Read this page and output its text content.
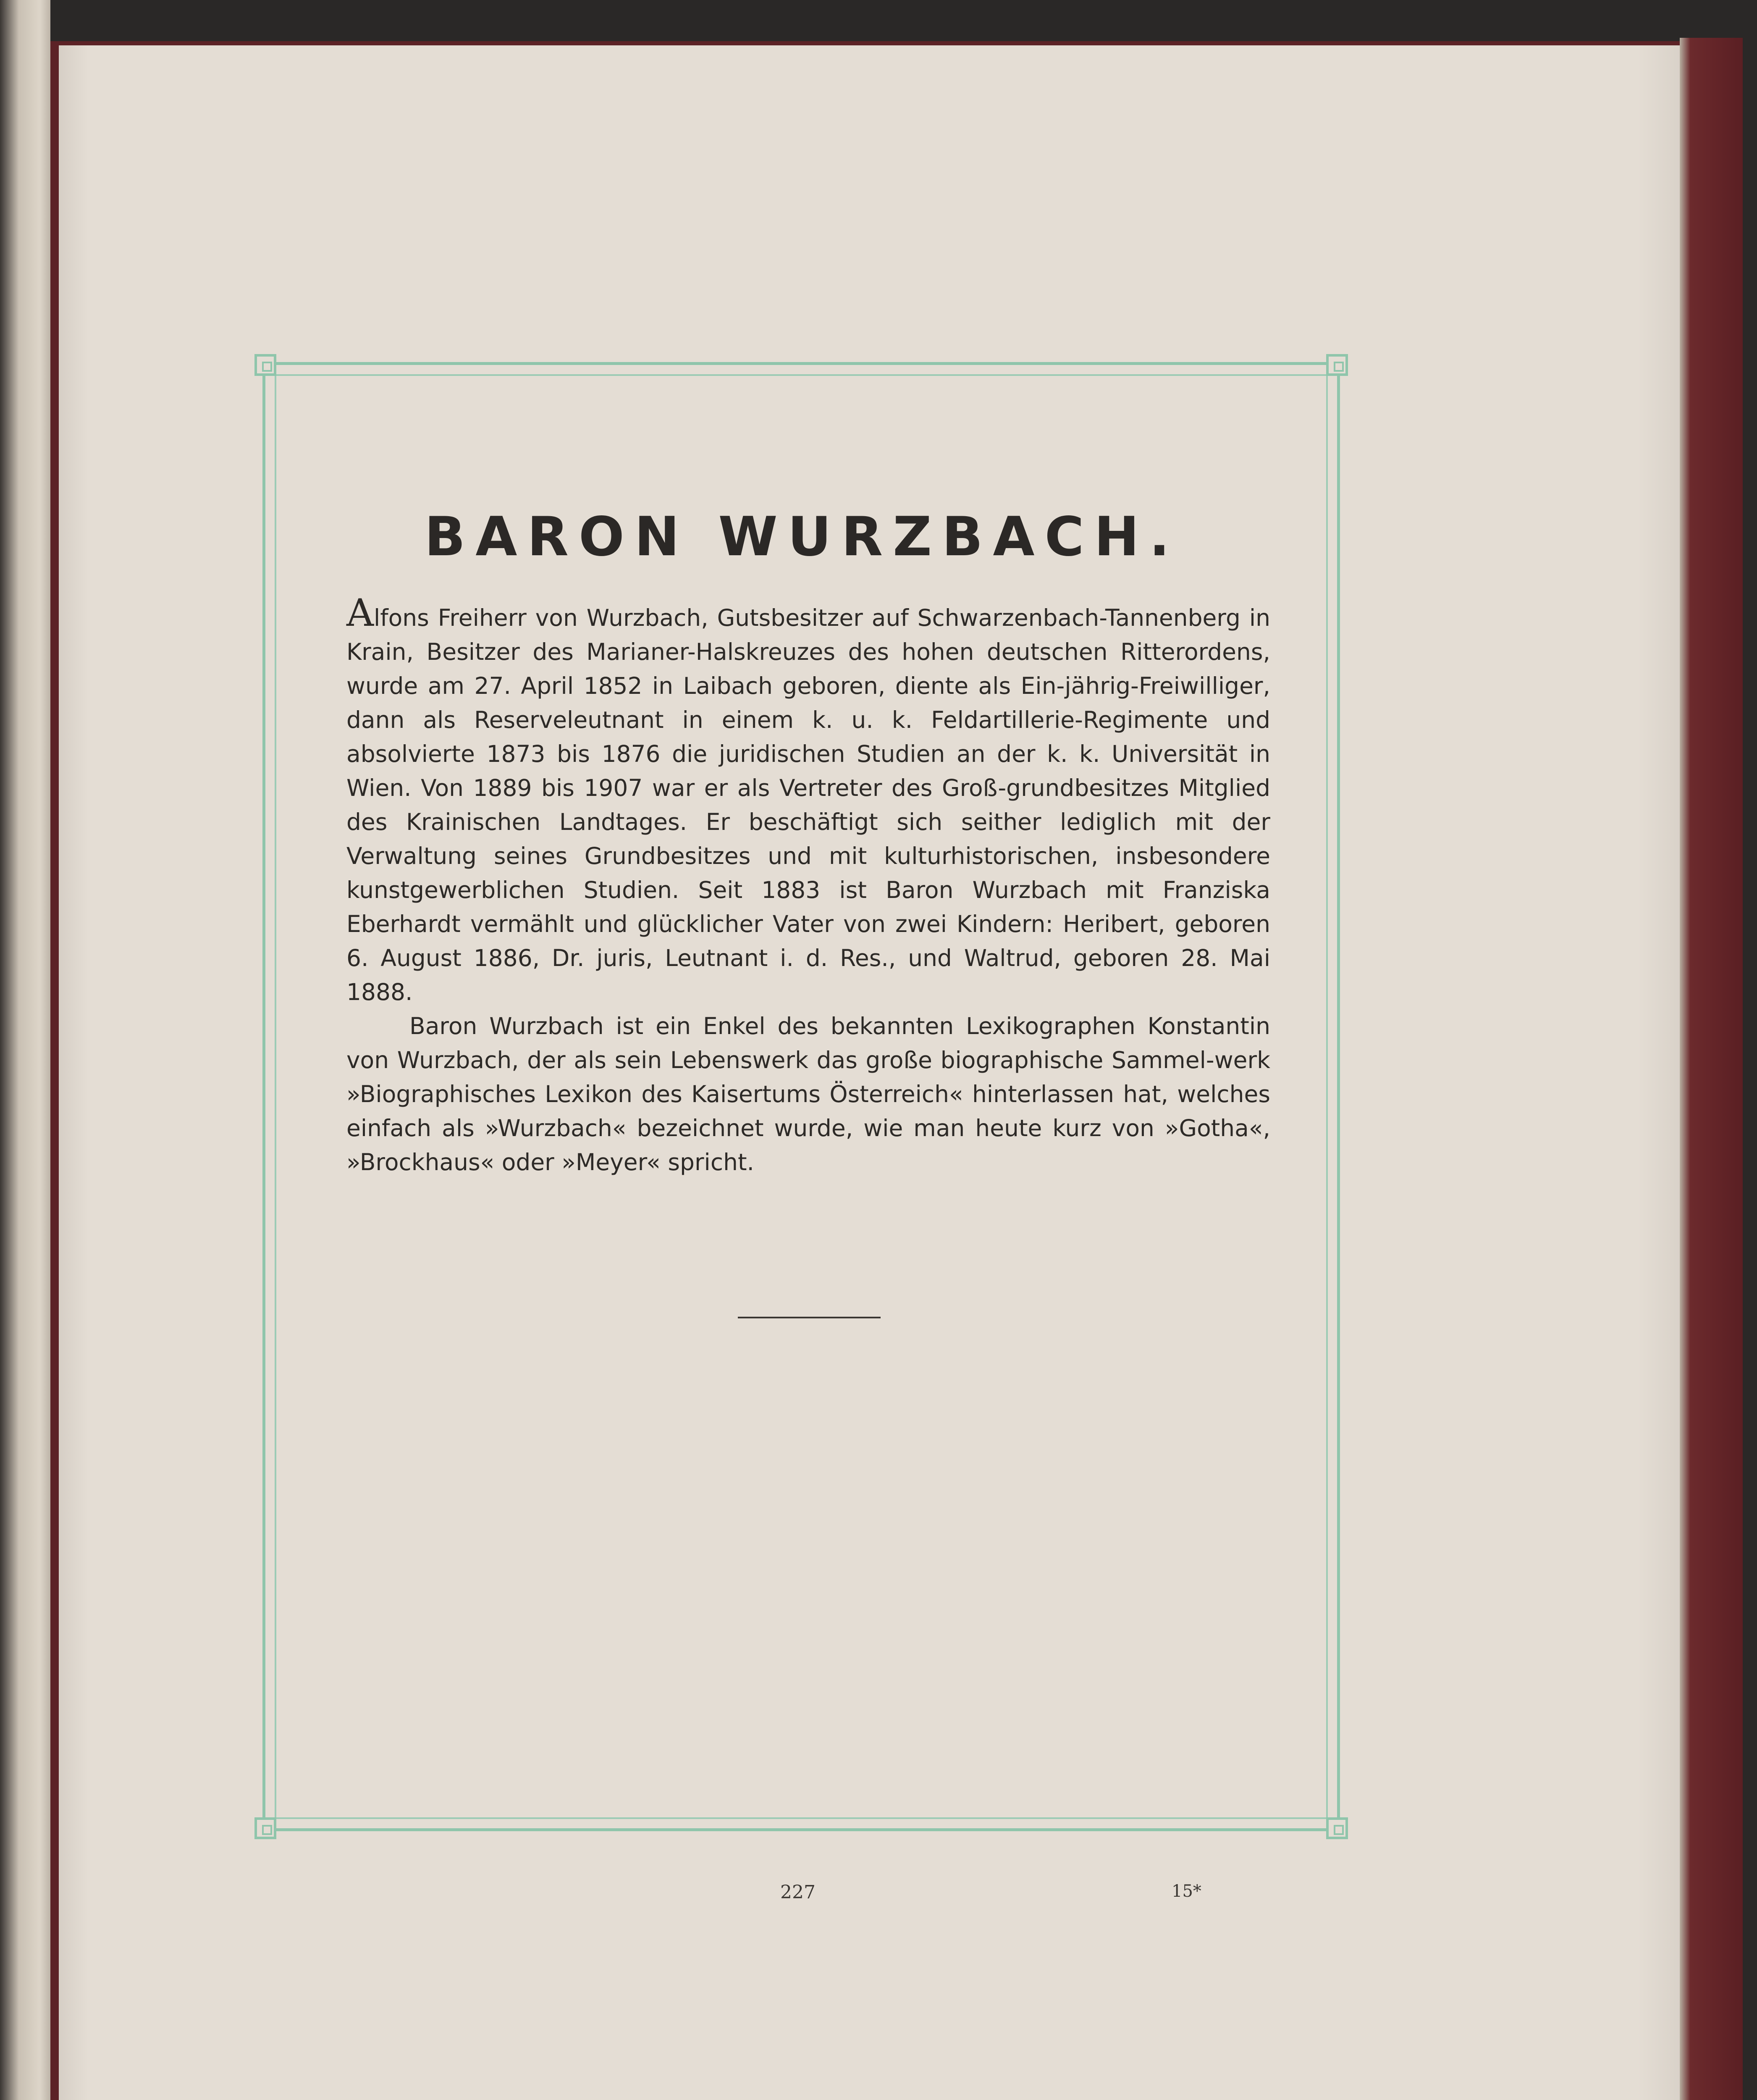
BARON WURZBACH.

Alfons Freiherr von Wurzbach, Gutsbesitzer auf Schwarzenbach-Tannenberg in Krain, Besitzer des Marianer-Halskreuzes des hohen deutschen Ritterordens, wurde am 27. April 1852 in Laibach geboren, diente als Ein-jährig-Freiwilliger, dann als Reserveleutnant in einem k. u. k. Feldartillerie-Regimente und absolvierte 1873 bis 1876 die juridischen Studien an der k. k. Universität in Wien. Von 1889 bis 1907 war er als Vertreter des Groß-grundbesitzes Mitglied des Krainischen Landtages. Er beschäftigt sich seither lediglich mit der Verwaltung seines Grundbesitzes und mit kulturhistorischen, insbesondere kunstgewerblichen Studien. Seit 1883 ist Baron Wurzbach mit Franziska Eberhardt vermählt und glücklicher Vater von zwei Kindern: Heribert, geboren 6. August 1886, Dr. juris, Leutnant i. d. Res., und Waltrud, geboren 28. Mai 1888.

Baron Wurzbach ist ein Enkel des bekannten Lexikographen Konstantin von Wurzbach, der als sein Lebenswerk das große biographische Sammel-werk »Biographisches Lexikon des Kaisertums Österreich« hinterlassen hat, welches einfach als »Wurzbach« bezeichnet wurde, wie man heute kurz von »Gotha«, »Brockhaus« oder »Meyer« spricht.

227	15*
